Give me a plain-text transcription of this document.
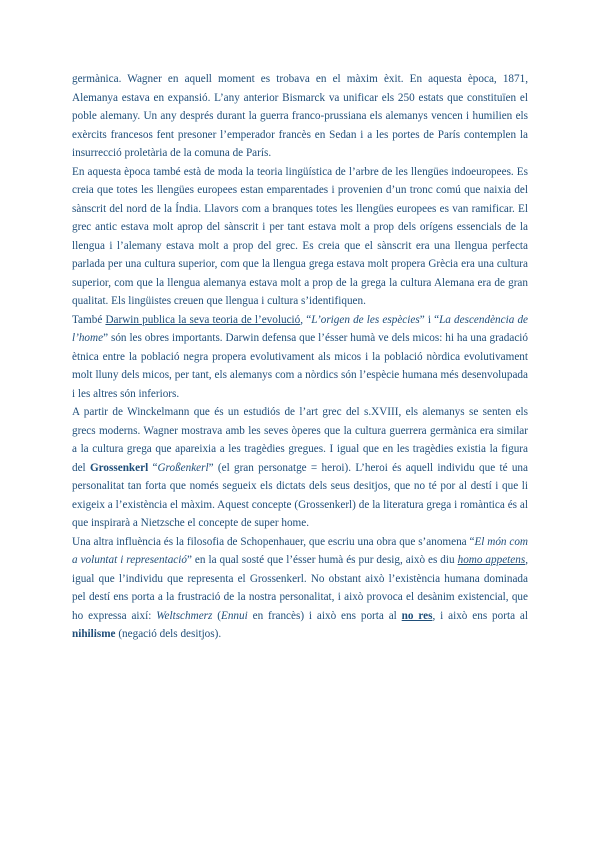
germànica. Wagner en aquell moment es trobava en el màxim èxit. En aquesta època, 1871, Alemanya estava en expansió. L’any anterior Bismarck va unificar els 250 estats que constituïen el poble alemany. Un any després durant la guerra franco-prussiana els alemanys vencen i humilien els exèrcits francesos fent presoner l’emperador francès en Sedan i a les portes de París contemplen la insurrecció proletària de la comuna de París.

En aquesta època també està de moda la teoria lingüística de l’arbre de les llengües indoeuropees. Es creia que totes les llengües europees estan emparentades i provenien d’un tronc comú que naixia del sànscrit del nord de la Índia. Llavors com a branques totes les llengües europees es van ramificar. El grec antic estava molt aprop del sànscrit i per tant estava molt a prop dels orígens essencials de la llengua i l’alemany estava molt a prop del grec. Es creia que el sànscrit era una llengua perfecta parlada per una cultura superior, com que la llengua grega estava molt propera Grècia era una cultura superior, com que la llengua alemanya estava molt a prop de la grega la cultura Alemana era de gran qualitat. Els lingüistes creuen que llengua i cultura s’identifiquen.

També Darwin publica la seva teoria de l’evolució, “L’origen de les espècies” i “La descendència de l’home” són les obres importants. Darwin defensa que l’ésser humà ve dels micos: hi ha una gradació ètnica entre la població negra propera evolutivament als micos i la població nòrdica evolutivament molt lluny dels micos, per tant, els alemanys com a nòrdics són l’espècie humana més desenvolupada i les altres són inferiors.

A partir de Winckelmann que és un estudiós de l’art grec del s.XVIII, els alemanys se senten els grecs moderns. Wagner mostrava amb les seves òperes que la cultura guerrera germànica era similar a la cultura grega que apareixia a les tragèdies gregues. I igual que en les tragèdies existia la figura del Grossenkerl “Großenkerl” (el gran personatge = heroi). L’heroi és aquell individu que té una personalitat tan forta que només segueix els dictats dels seus desitjos, que no té por al destí i que li exigeix a l’existència el màxim. Aquest concepte (Grossenkerl) de la literatura grega i romàntica és al que inspirarà a Nietzsche el concepte de super home.

Una altra influència és la filosofia de Schopenhauer, que escriu una obra que s’anomena “El món com a voluntat i representació” en la qual sosté que l’ésser humà és pur desig, això es diu homo appetens, igual que l’individu que representa el Grossenkerl. No obstant això l’existència humana dominada pel destí ens porta a la frustració de la nostra personalitat, i això provoca el desànim existencial, que ho expressa així: Weltschmerz (Ennui en francès) i això ens porta al no res, i això ens porta al nihilisme (negació dels desitjos).
